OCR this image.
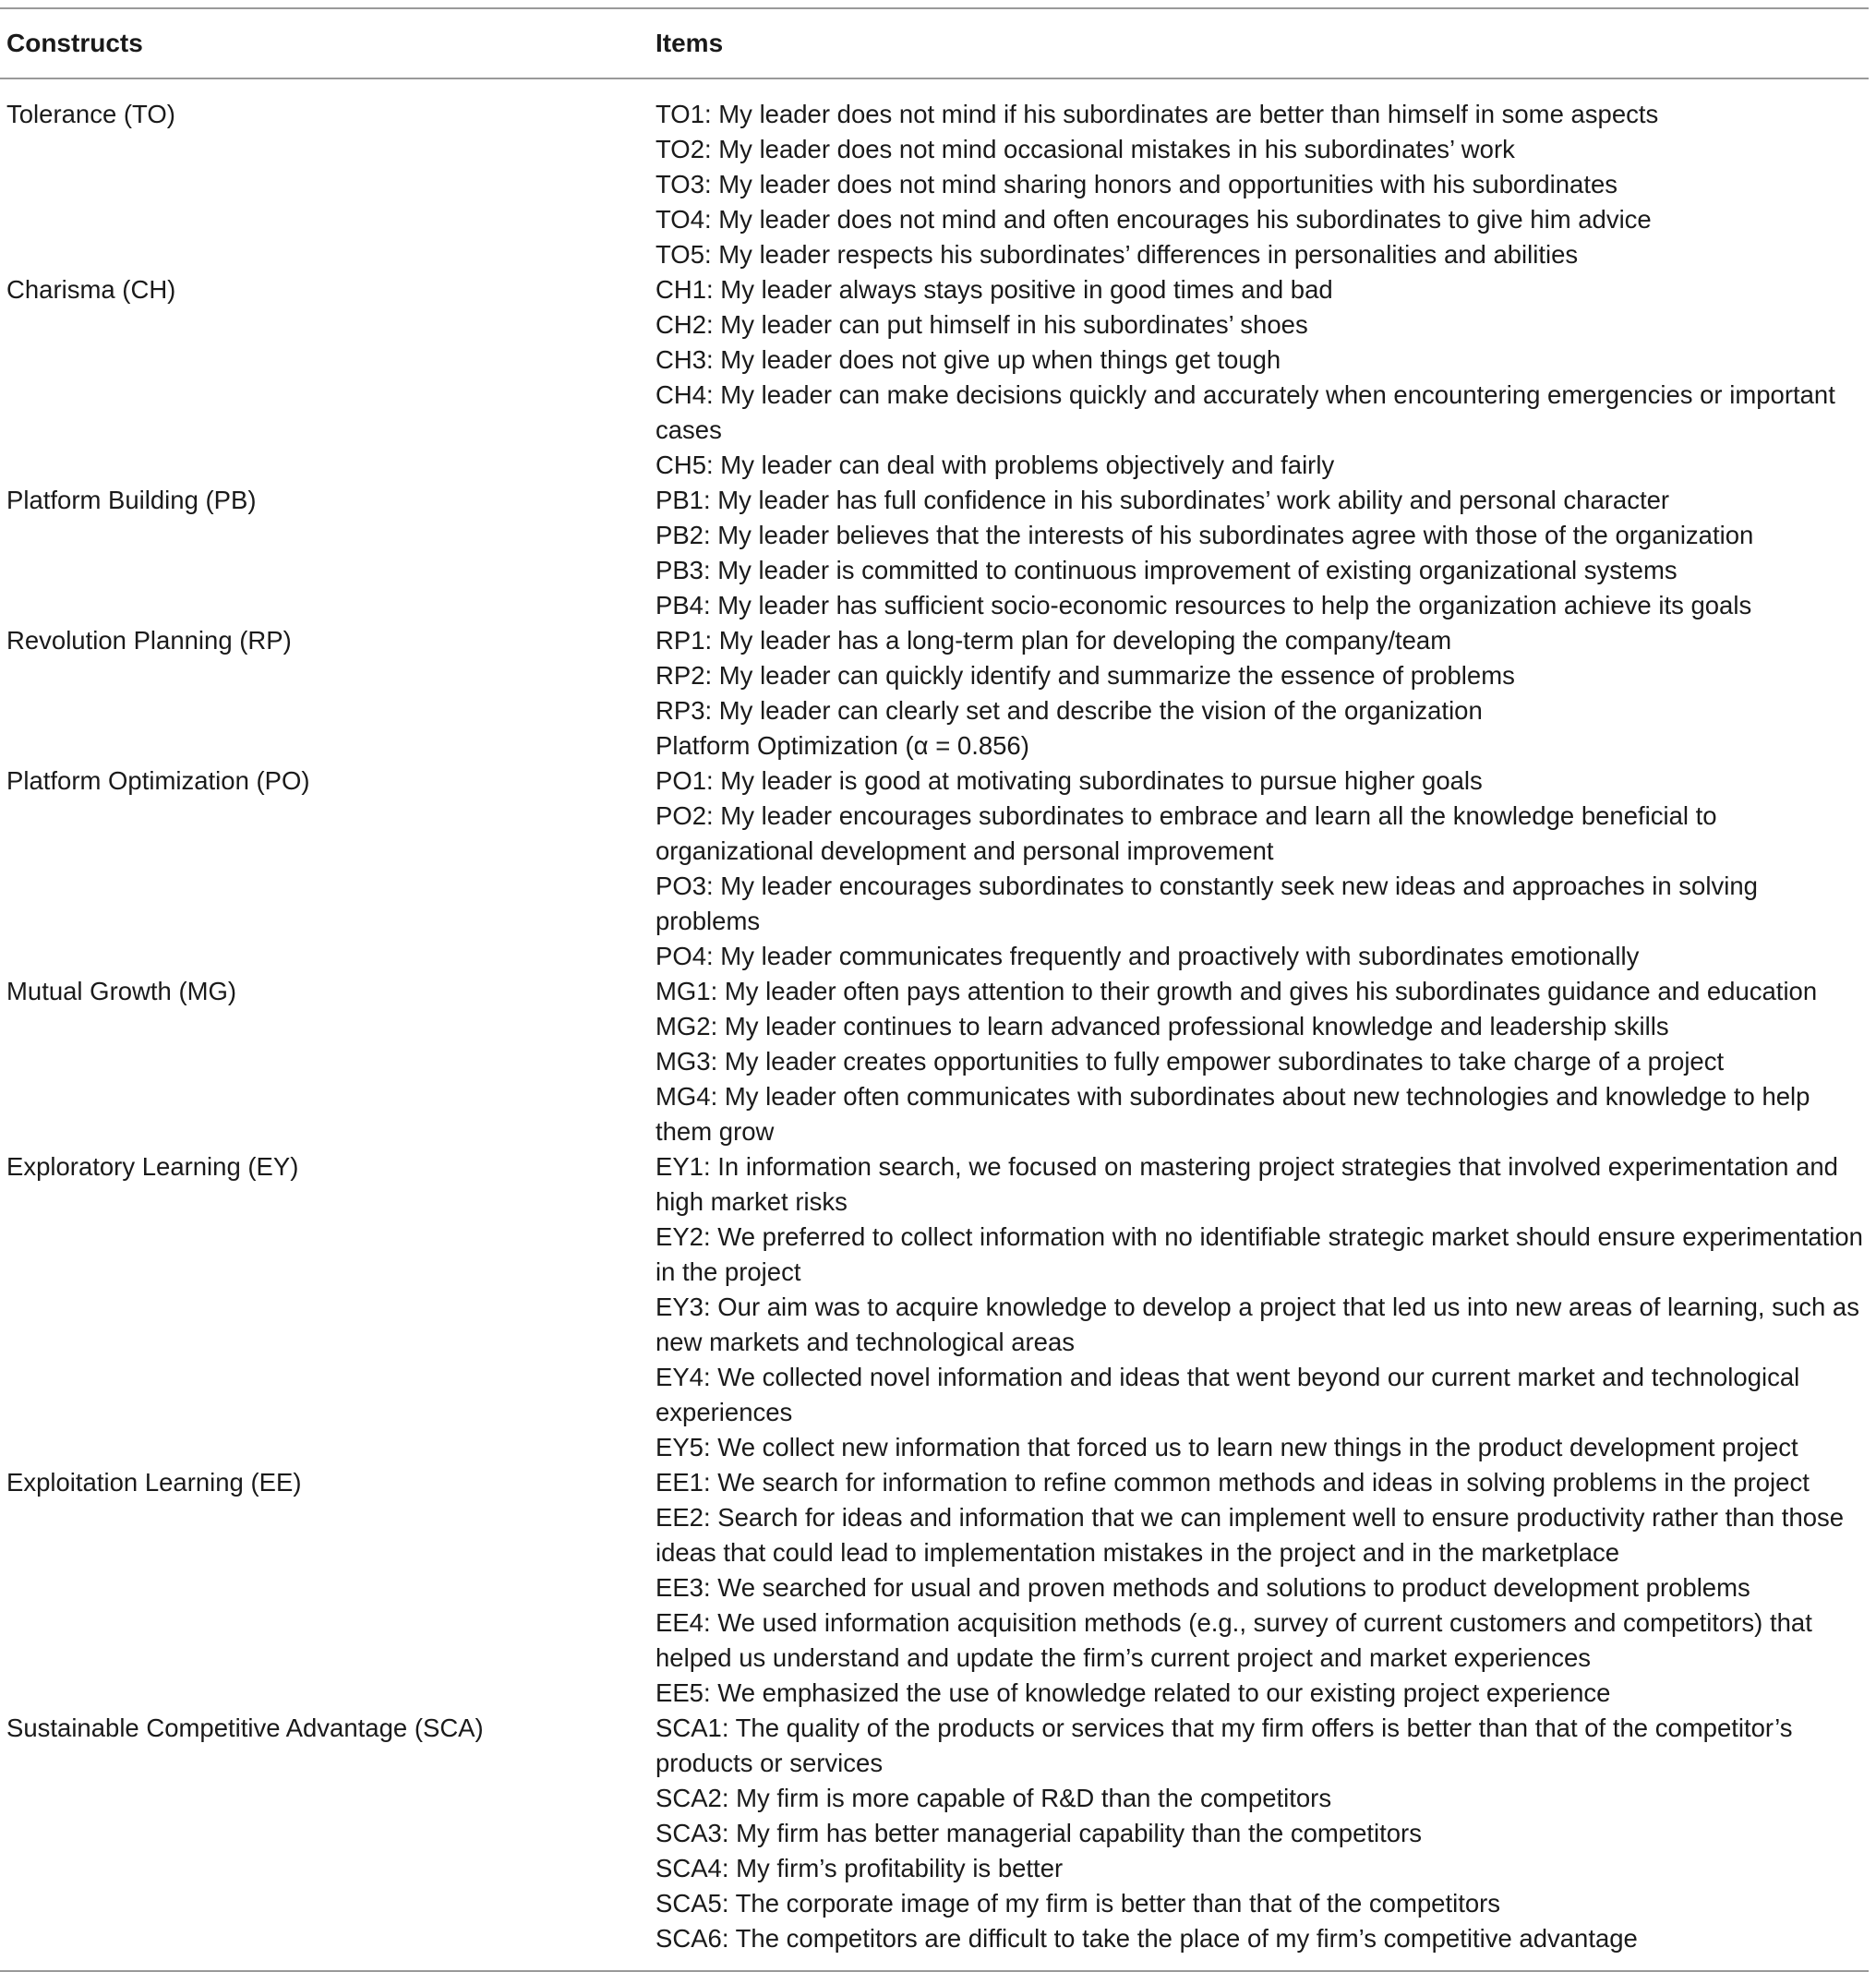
Constructs	Items
Tolerance (TO)	TO1: My leader does not mind if his subordinates are better than himself in some aspects
TO2: My leader does not mind occasional mistakes in his subordinates’ work
TO3: My leader does not mind sharing honors and opportunities with his subordinates
TO4: My leader does not mind and often encourages his subordinates to give him advice
TO5: My leader respects his subordinates’ differences in personalities and abilities
Charisma (CH)	CH1: My leader always stays positive in good times and bad
CH2: My leader can put himself in his subordinates’ shoes
CH3: My leader does not give up when things get tough
CH4: My leader can make decisions quickly and accurately when encountering emergencies or important cases
CH5: My leader can deal with problems objectively and fairly
Platform Building (PB)	PB1: My leader has full confidence in his subordinates’ work ability and personal character
PB2: My leader believes that the interests of his subordinates agree with those of the organization
PB3: My leader is committed to continuous improvement of existing organizational systems
PB4: My leader has sufficient socio-economic resources to help the organization achieve its goals
Revolution Planning (RP)	RP1: My leader has a long-term plan for developing the company/team
RP2: My leader can quickly identify and summarize the essence of problems
RP3: My leader can clearly set and describe the vision of the organization
Platform Optimization (α = 0.856)
Platform Optimization (PO)	PO1: My leader is good at motivating subordinates to pursue higher goals
PO2: My leader encourages subordinates to embrace and learn all the knowledge beneficial to organizational development and personal improvement
PO3: My leader encourages subordinates to constantly seek new ideas and approaches in solving problems
PO4: My leader communicates frequently and proactively with subordinates emotionally
Mutual Growth (MG)	MG1: My leader often pays attention to their growth and gives his subordinates guidance and education
MG2: My leader continues to learn advanced professional knowledge and leadership skills
MG3: My leader creates opportunities to fully empower subordinates to take charge of a project
MG4: My leader often communicates with subordinates about new technologies and knowledge to help them grow
Exploratory Learning (EY)	EY1: In information search, we focused on mastering project strategies that involved experimentation and high market risks
EY2: We preferred to collect information with no identifiable strategic market should ensure experimentation in the project
EY3: Our aim was to acquire knowledge to develop a project that led us into new areas of learning, such as new markets and technological areas
EY4: We collected novel information and ideas that went beyond our current market and technological experiences
EY5: We collect new information that forced us to learn new things in the product development project
Exploitation Learning (EE)	EE1: We search for information to refine common methods and ideas in solving problems in the project
EE2: Search for ideas and information that we can implement well to ensure productivity rather than those ideas that could lead to implementation mistakes in the project and in the marketplace
EE3: We searched for usual and proven methods and solutions to product development problems
EE4: We used information acquisition methods (e.g., survey of current customers and competitors) that helped us understand and update the firm’s current project and market experiences
EE5: We emphasized the use of knowledge related to our existing project experience
Sustainable Competitive Advantage (SCA)	SCA1: The quality of the products or services that my firm offers is better than that of the competitor’s products or services
SCA2: My firm is more capable of R&D than the competitors
SCA3: My firm has better managerial capability than the competitors
SCA4: My firm’s profitability is better
SCA5: The corporate image of my firm is better than that of the competitors
SCA6: The competitors are difficult to take the place of my firm’s competitive advantage
